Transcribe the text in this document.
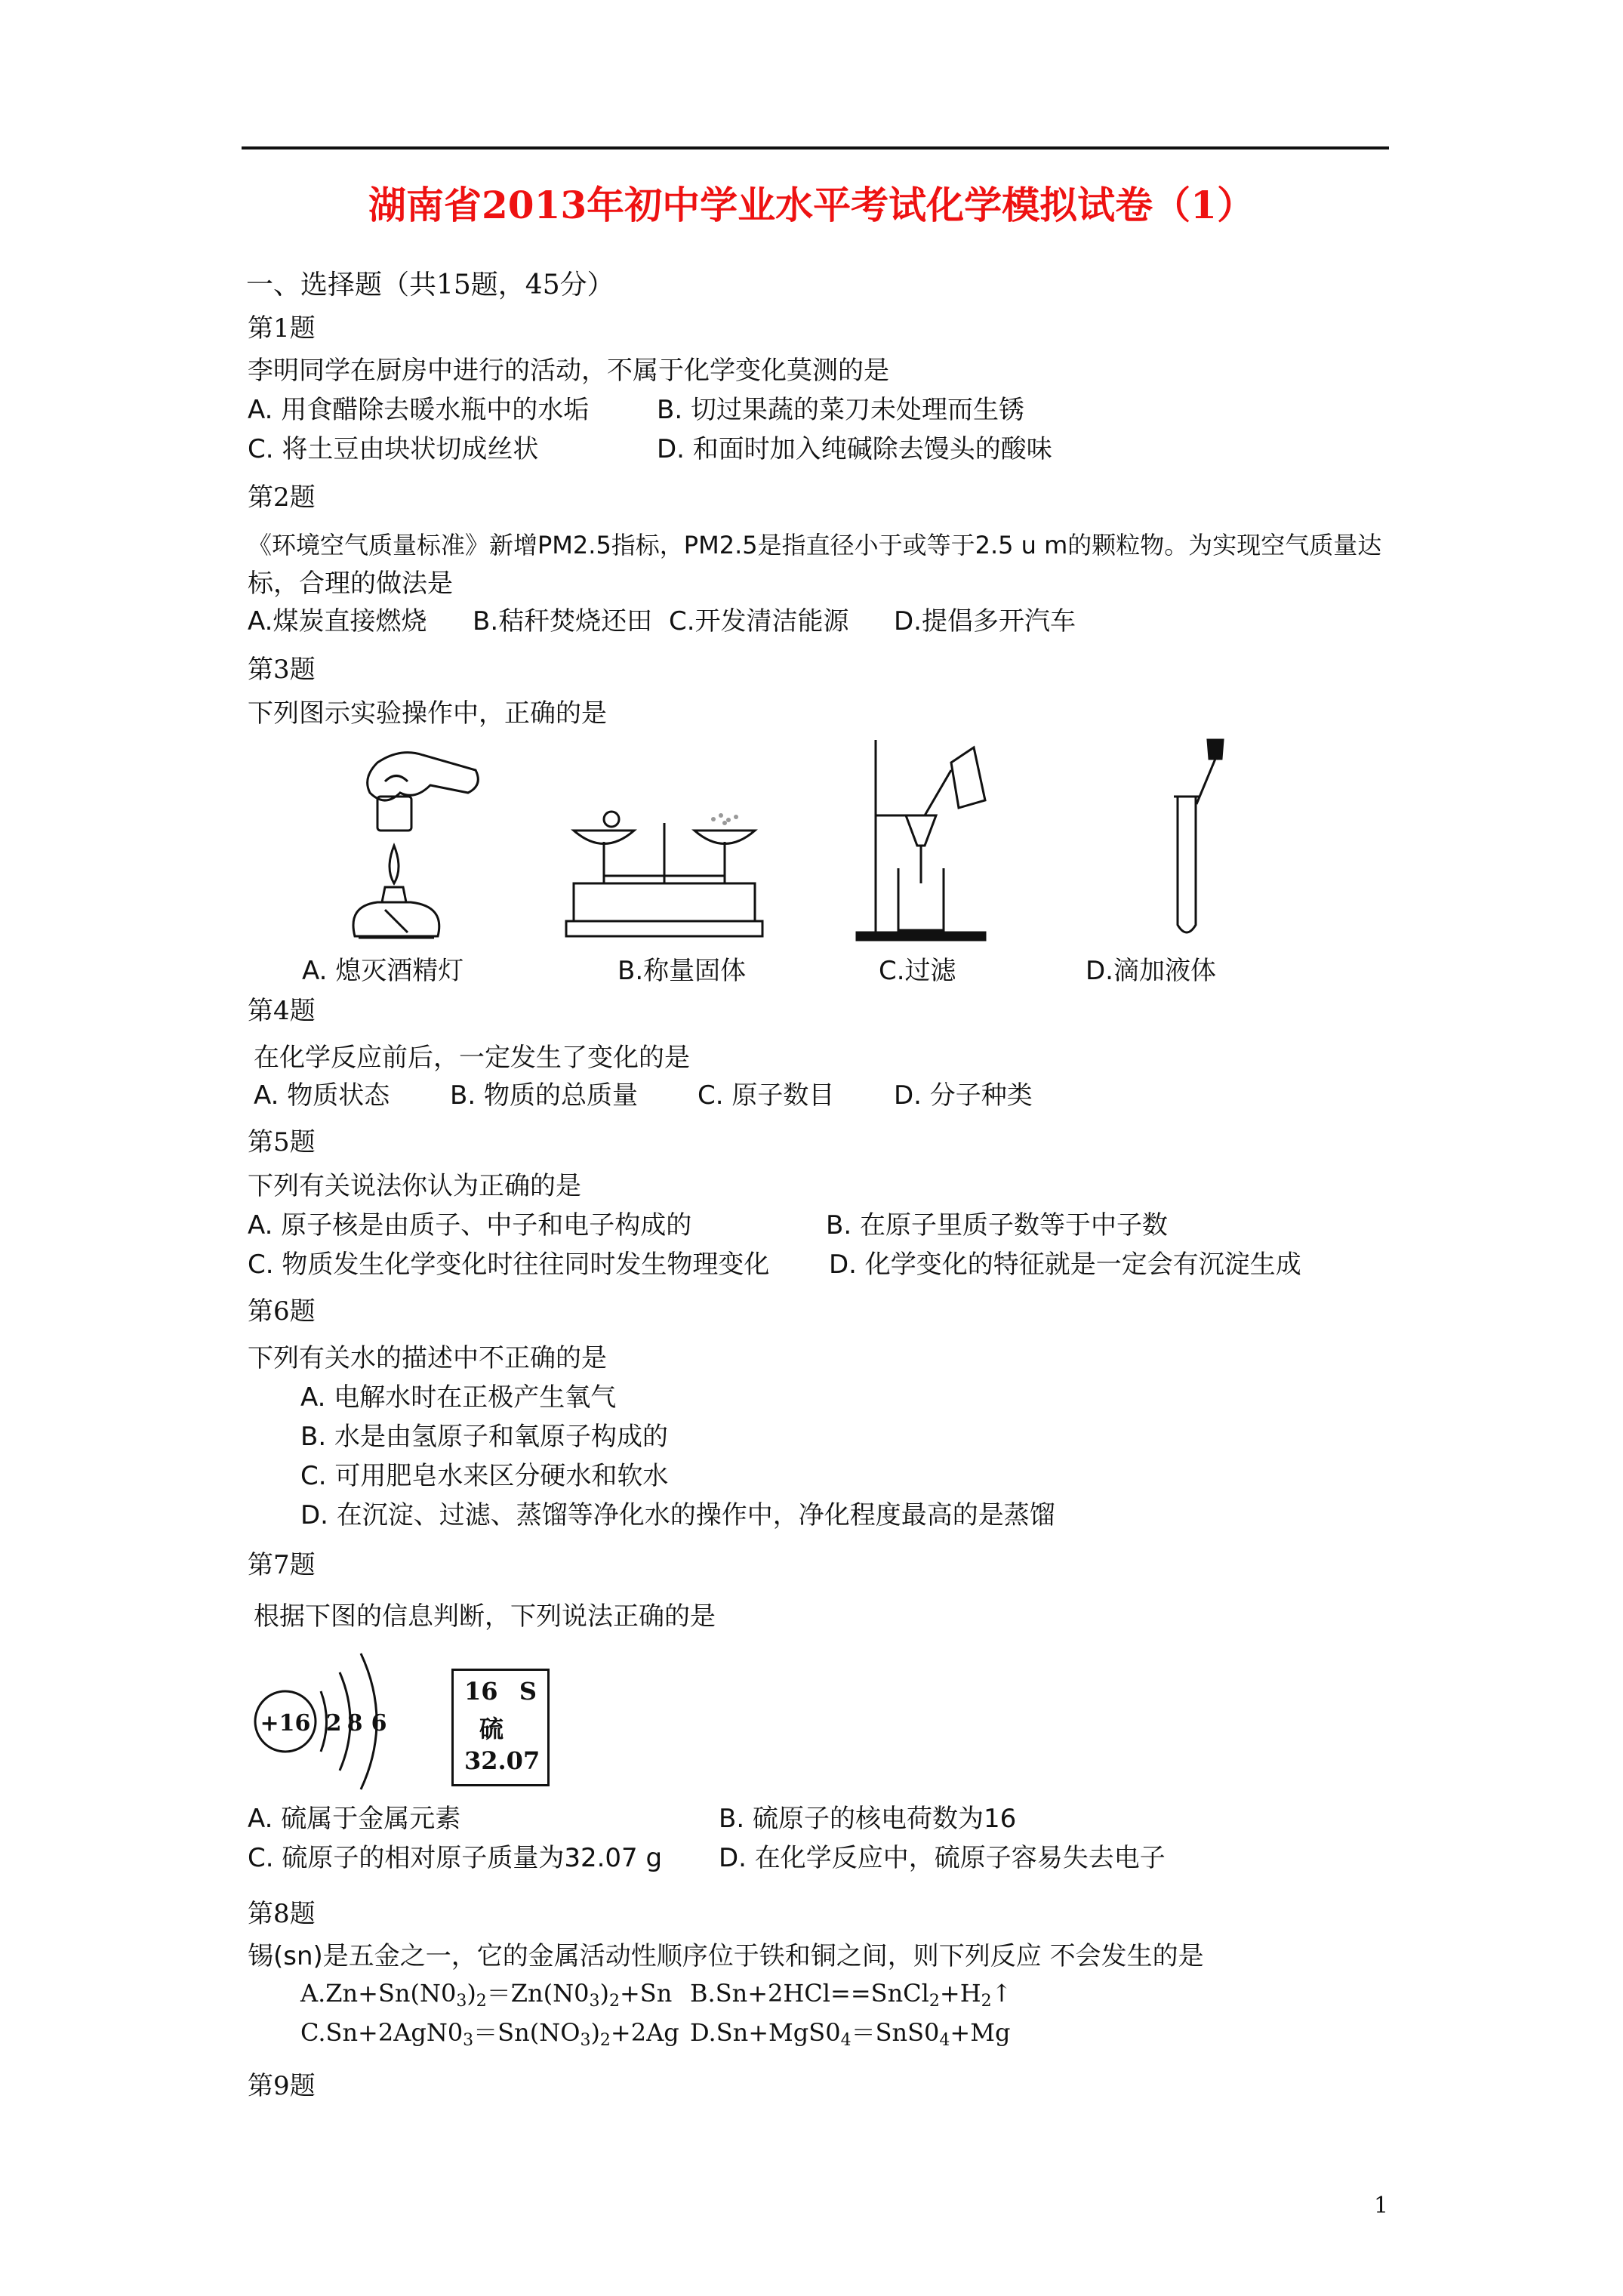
湖南省2013年初中学业水平考试化学模拟试卷（1）
一、选择题（共15题，45分）
第1题
李明同学在厨房中进行的活动，不属于化学变化莫测的是
A. 用食醋除去暖水瓶中的水垢	B. 切过果蔬的菜刀未处理而生锈
C. 将土豆由块状切成丝状	D. 和面时加入纯碱除去馒头的酸味
第2题
《环境空气质量标准》新增PM2.5指标，PM2.5是指直径小于或等于2.5 u m的颗粒物。为实现空气质量达
标，合理的做法是
A.煤炭直接燃烧 B.秸秆焚烧还田 C.开发清洁能源 D.提倡多开汽车
第3题
下列图示实验操作中，正确的是
A. 熄灭酒精灯	B.称量固体	C.过滤	D.滴加液体
第4题
在化学反应前后，一定发生了变化的是
A. 物质状态 B. 物质的总质量 C. 原子数目 D. 分子种类
第5题
下列有关说法你认为正确的是
A. 原子核是由质子、中子和电子构成的	B. 在原子里质子数等于中子数
C. 物质发生化学变化时往往同时发生物理变化 D. 化学变化的特征就是一定会有沉淀生成
第6题
下列有关水的描述中不正确的是
A. 电解水时在正极产生氧气
B. 水是由氢原子和氧原子构成的
C. 可用肥皂水来区分硬水和软水
D. 在沉淀、过滤、蒸馏等净化水的操作中，净化程度最高的是蒸馏
第7题
根据下图的信息判断，下列说法正确的是
+16 2 8 6
16 S
硫
32.07
A. 硫属于金属元素	B. 硫原子的核电荷数为16
C. 硫原子的相对原子质量为32.07 g D. 在化学反应中，硫原子容易失去电子
第8题
锡(sn)是五金之一，它的金属活动性顺序位于铁和铜之间，则下列反应 不会发生的是
$A.Zn+Sn(N0_3)_2=Zn(N0_3)_2+Sn$ $B.Sn+2HCl==SnCl_2+H_2↑$
$C.Sn+2AgN0_3=Sn(NO_3)_2+2Ag$ $D.Sn+MgS0_4=SnS0_4+Mg$
第9题
1
